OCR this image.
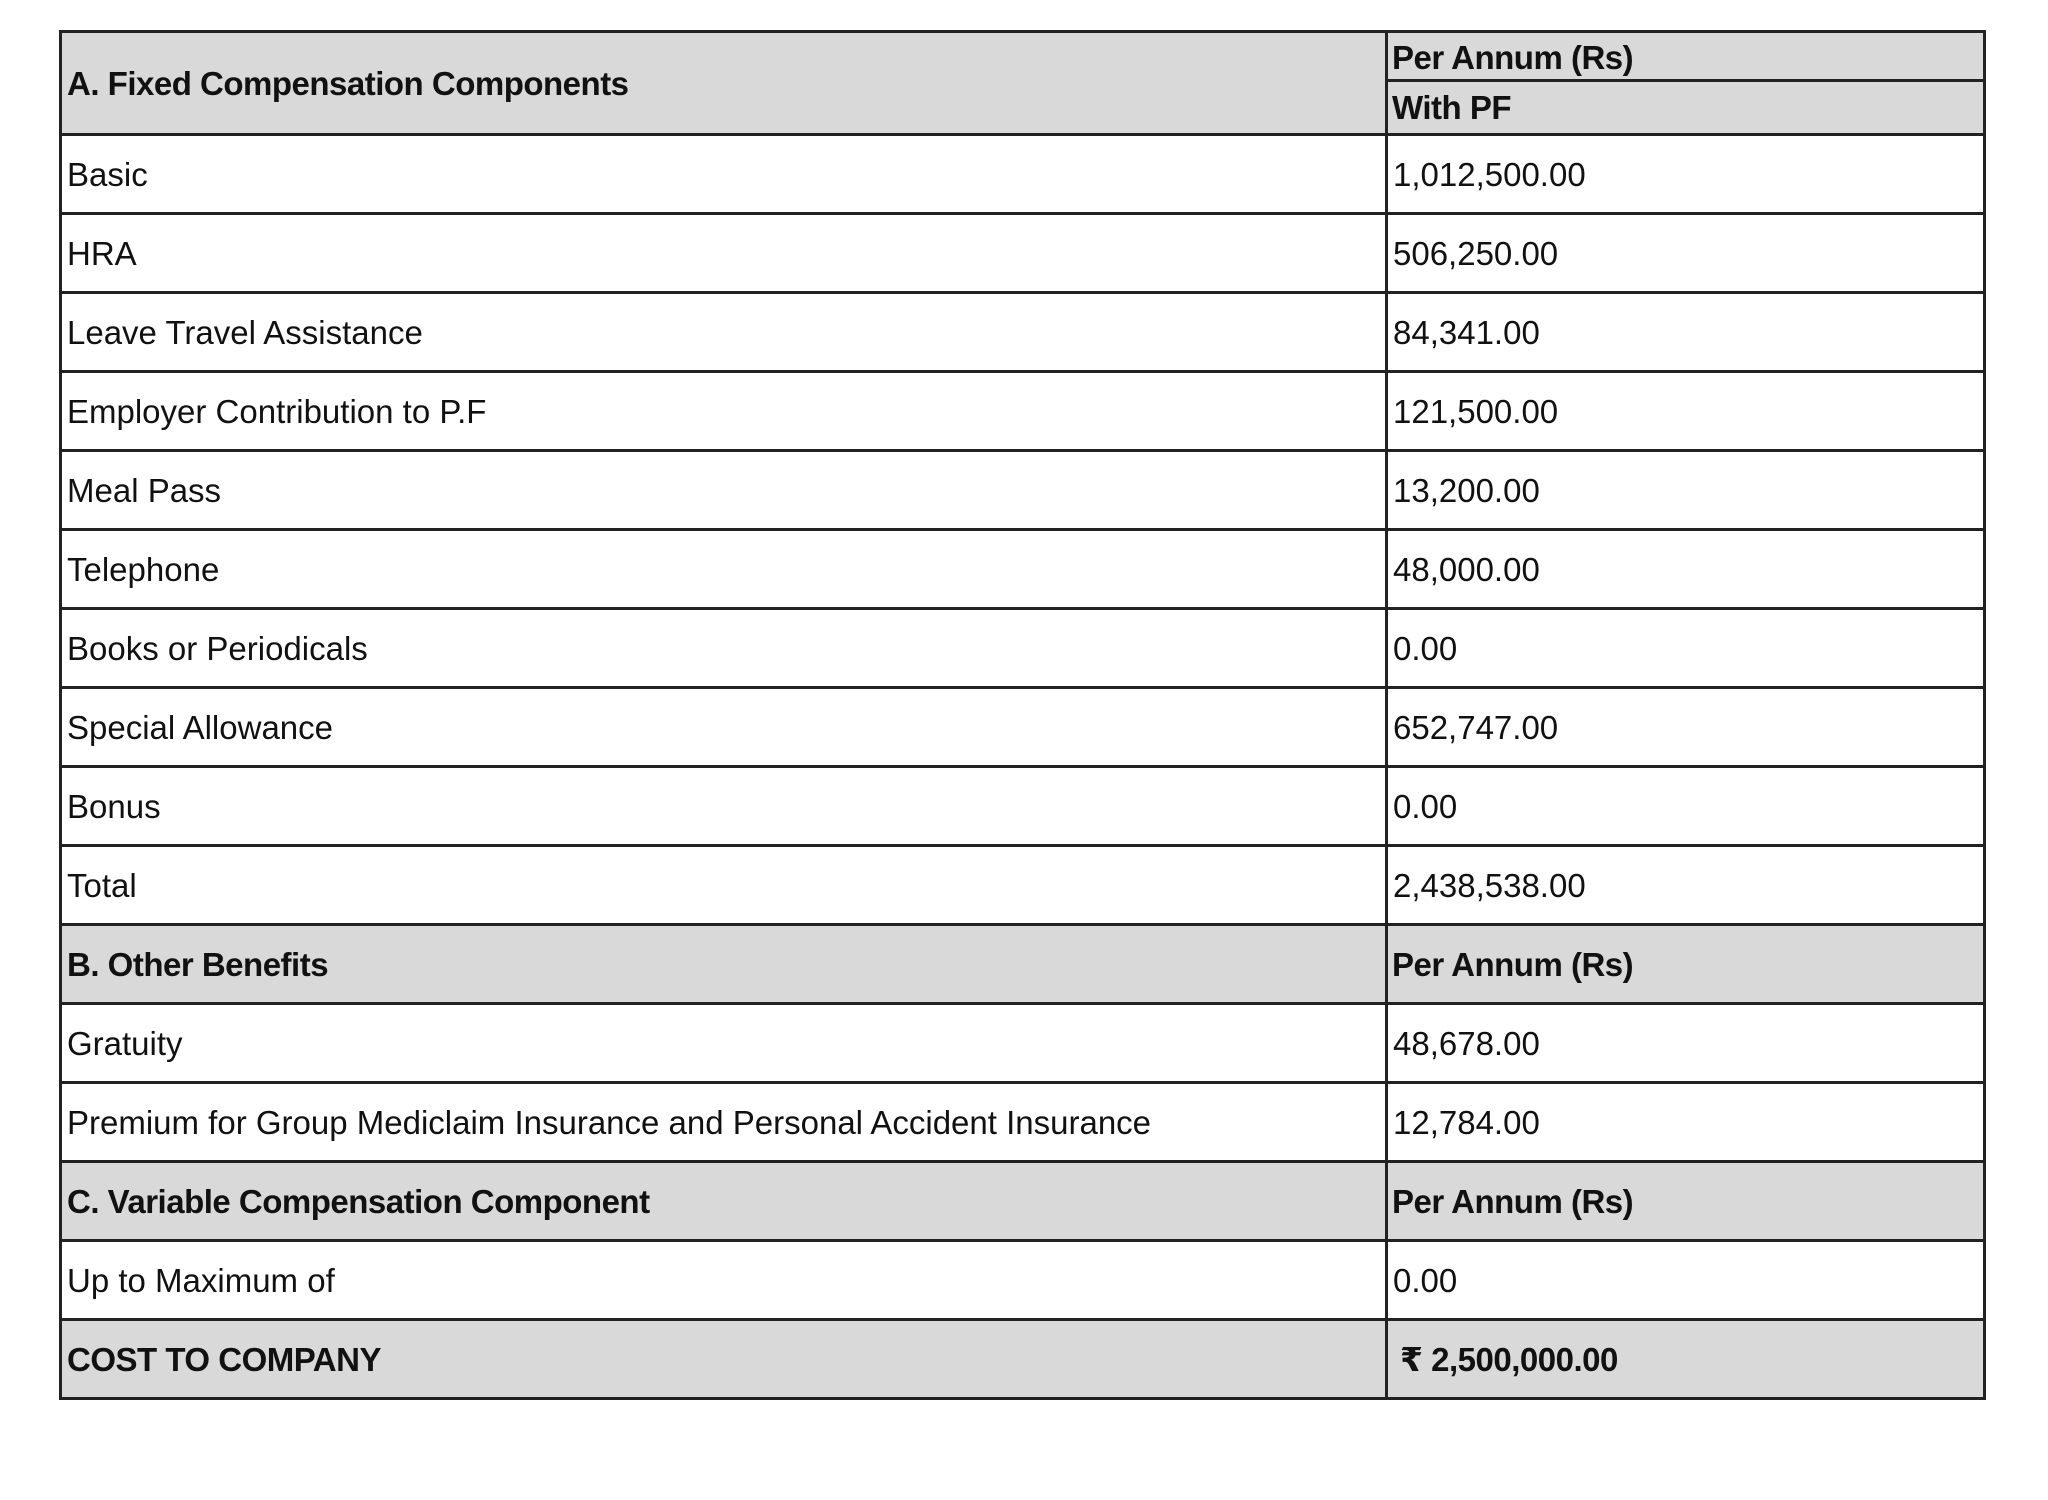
A. Fixed Compensation Components	Per Annum (Rs)
	With PF
Basic	1,012,500.00
HRA	506,250.00
Leave Travel Assistance	84,341.00
Employer Contribution to P.F	121,500.00
Meal Pass	13,200.00
Telephone	48,000.00
Books or Periodicals	0.00
Special Allowance	652,747.00
Bonus	0.00
Total	2,438,538.00
B. Other Benefits	Per Annum (Rs)
Gratuity	48,678.00
Premium for Group Mediclaim Insurance and Personal Accident Insurance	12,784.00
C. Variable Compensation Component	Per Annum (Rs)
Up to Maximum of	0.00
COST TO COMPANY	₹ 2,500,000.00
